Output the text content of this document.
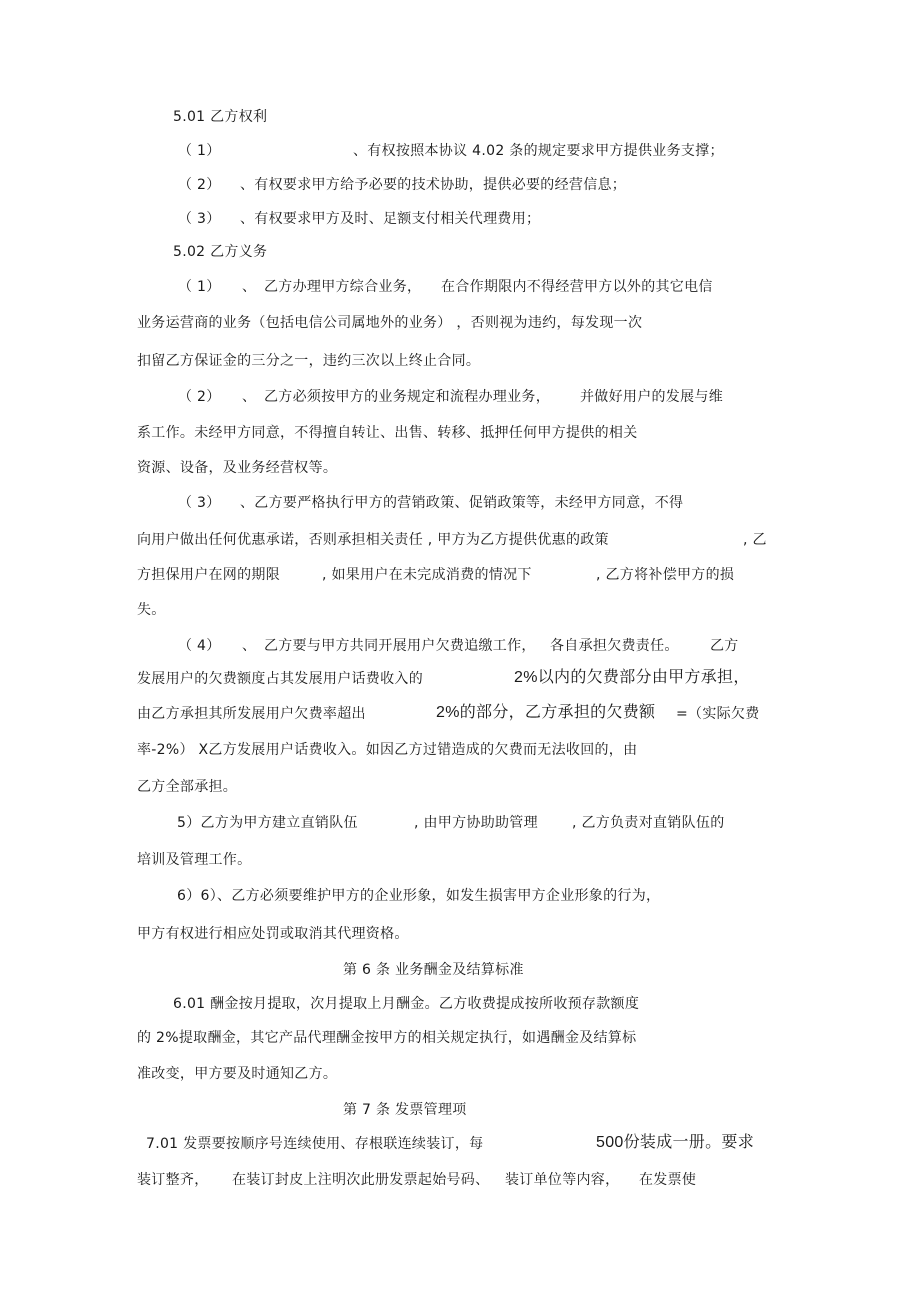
5.01 乙方权利
（ 1）	、有权按照本协议 4.02 条的规定要求甲方提供业务支撑；
（ 2） 、有权要求甲方给予必要的技术协助，提供必要的经营信息；
（ 3） 、有权要求甲方及时、足额支付相关代理费用；
5.02 乙方义务
（ 1） 、 乙方办理甲方综合业务， 在合作期限内不得经营甲方以外的其它电信
业务运营商的业务（包括电信公司属地外的业务） ，否则视为违约，每发现一次
扣留乙方保证金的三分之一，违约三次以上终止合同。
（ 2） 、 乙方必须按甲方的业务规定和流程办理业务， 并做好用户的发展与维
系工作。未经甲方同意，不得擅自转让、出售、转移、抵押任何甲方提供的相关
资源、设备，及业务经营权等。
（ 3） 、乙方要严格执行甲方的营销政策、促销政策等，未经甲方同意，不得
向用户做出任何优惠承诺，否则承担相关责任 , 甲方为乙方提供优惠的政策	, 乙
方担保用户在网的期限	, 如果用户在未完成消费的情况下	, 乙方将补偿甲方的损
失。
（ 4） 、 乙方要与甲方共同开展用户欠费追缴工作， 各自承担欠费责任。 乙方
发展用户的欠费额度占其发展用户话费收入的	2%以内的欠费部分由甲方承担，
由乙方承担其所发展用户欠费率超出	2%的部分，乙方承担的欠费额 =（实际欠费
率-2%） X乙方发展用户话费收入。如因乙方过错造成的欠费而无法收回的，由
乙方全部承担。
5）乙方为甲方建立直销队伍	, 由甲方协助助管理 , 乙方负责对直销队伍的
培训及管理工作。
6）6）、乙方必须要维护甲方的企业形象，如发生损害甲方企业形象的行为，
甲方有权进行相应处罚或取消其代理资格。
第 6 条 业务酬金及结算标准
6.01 酬金按月提取，次月提取上月酬金。乙方收费提成按所收预存款额度
的 2%提取酬金，其它产品代理酬金按甲方的相关规定执行，如遇酬金及结算标
准改变，甲方要及时通知乙方。
第 7 条 发票管理项
7.01 发票要按顺序号连续使用、存根联连续装订，每	500份装成一册。要求
装订整齐， 在装订封皮上注明次此册发票起始号码、 装订单位等内容， 在发票使
